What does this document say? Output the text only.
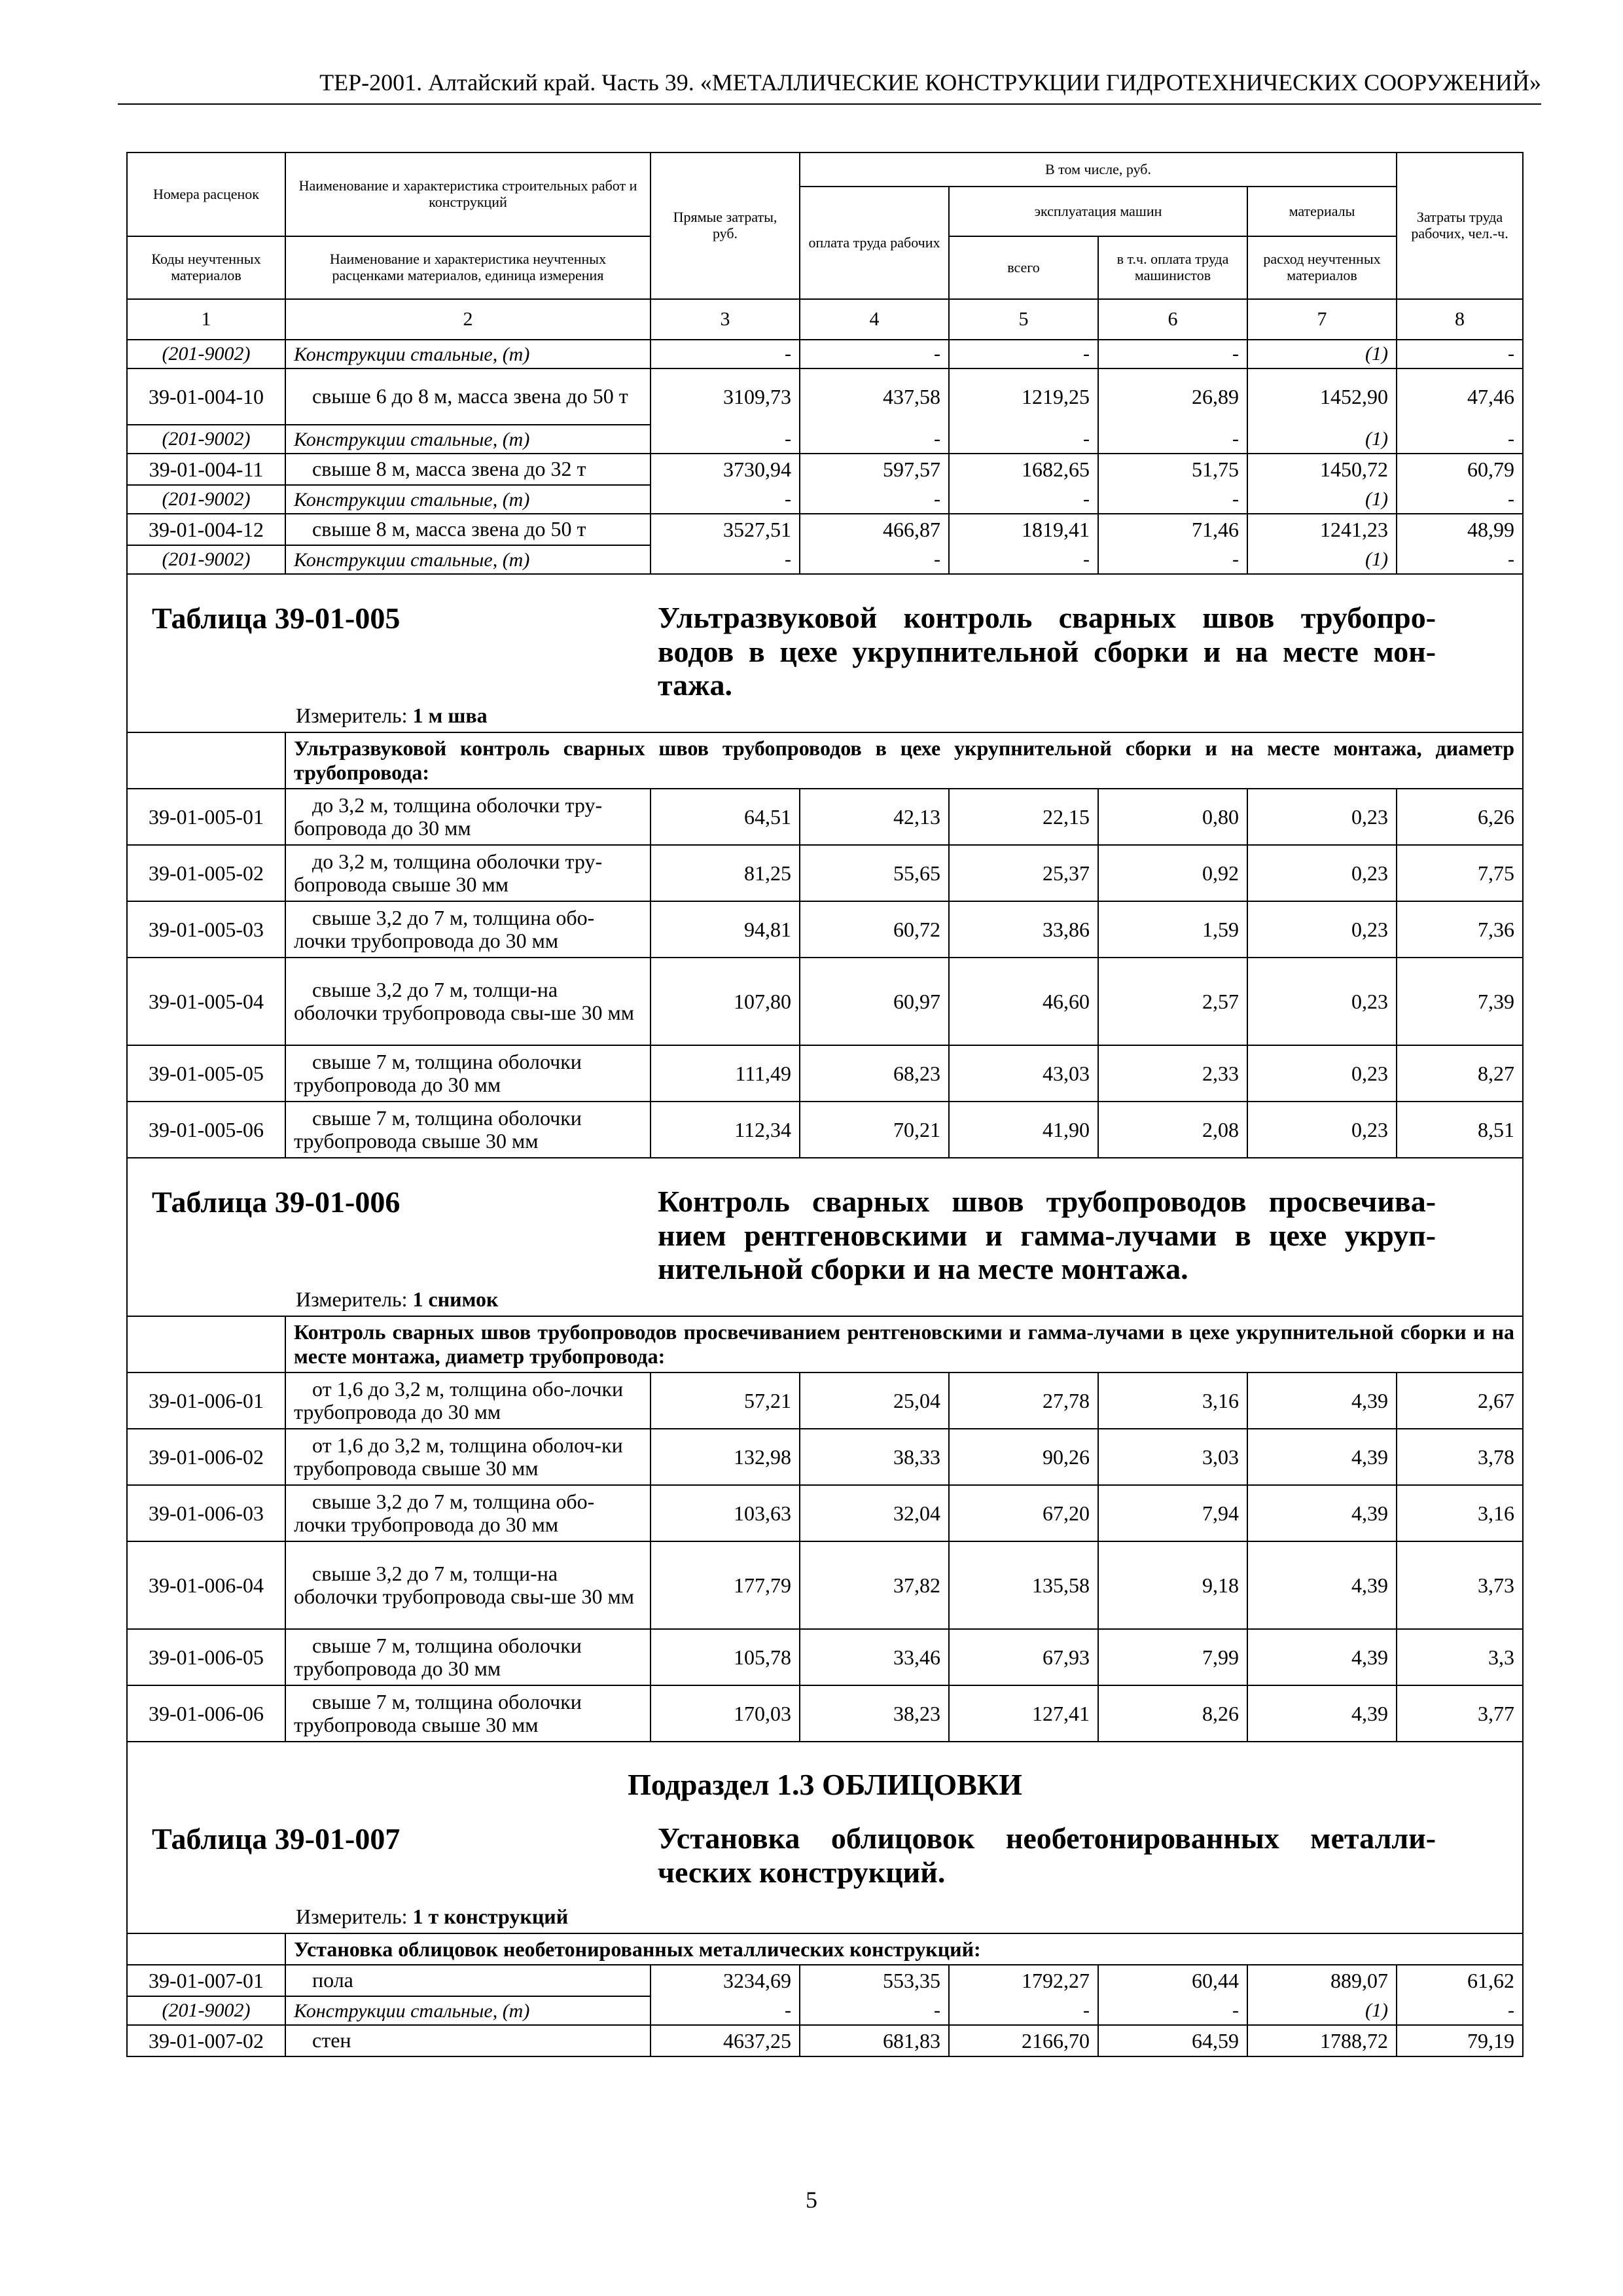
ТЕР-2001. Алтайский край. Часть 39. «МЕТАЛЛИЧЕСКИЕ КОНСТРУКЦИИ ГИДРОТЕХНИЧЕСКИХ СООРУЖЕНИЙ»
Номера расценок	Наименование и характеристика строительных работ и конструкций	Прямые затраты, руб.	В том числе, руб.				Затраты труда рабочих, чел.-ч.
			оплата труда рабочих	эксплуатация машин		материалы	
Коды неучтенных материалов	Наименование и характеристика неучтенных расценками материалов, единица измерения			всего	в т.ч. оплата труда машинистов	расход неучтенных материалов	
1	2	3	4	5	6	7	8
(201-9002)	Конструкции стальные, (т)	-	-	-	-	(1)	-
39-01-004-10	свыше 6 до 8 м, масса звена до 50 т	3109,73	437,58	1219,25	26,89	1452,90	47,46
(201-9002)	Конструкции стальные, (т)	-	-	-	-	(1)	-
39-01-004-11	свыше 8 м, масса звена до 32 т	3730,94	597,57	1682,65	51,75	1450,72	60,79
(201-9002)	Конструкции стальные, (т)	-	-	-	-	(1)	-
39-01-004-12	свыше 8 м, масса звена до 50 т	3527,51	466,87	1819,41	71,46	1241,23	48,99
(201-9002)	Конструкции стальные, (т)	-	-	-	-	(1)	-

Таблица 39-01-005 Ультразвуковой контроль сварных швов трубопро-водов в цехе укрупнительной сборки и на месте мон-тажа.
Измеритель: 1 м шва							

	Ультразвуковой контроль сварных швов трубопроводов в цехе укрупнительной сборки и на месте монтажа, диаметр трубопровода:						
39-01-005-01	до 3,2 м, толщина оболочки тру-бопровода до 30 мм	64,51	42,13	22,15	0,80	0,23	6,26
39-01-005-02	до 3,2 м, толщина оболочки тру-бопровода свыше 30 мм	81,25	55,65	25,37	0,92	0,23	7,75
39-01-005-03	свыше 3,2 до 7 м, толщина обо-лочки трубопровода до 30 мм	94,81	60,72	33,86	1,59	0,23	7,36
39-01-005-04	свыше 3,2 до 7 м, толщи-на оболочки трубопровода свы-ше 30 мм	107,80	60,97	46,60	2,57	0,23	7,39
39-01-005-05	свыше 7 м, толщина оболочки трубопровода до 30 мм	111,49	68,23	43,03	2,33	0,23	8,27
39-01-005-06	свыше 7 м, толщина оболочки трубопровода свыше 30 мм	112,34	70,21	41,90	2,08	0,23	8,51

Таблица 39-01-006 Контроль сварных швов трубопроводов просвечива-нием рентгеновскими и гамма-лучами в цехе укруп-нительной сборки и на месте монтажа.
Измеритель: 1 снимок							

	Контроль сварных швов трубопроводов просвечиванием рентгеновскими и гамма-лучами в цехе укрупнительной сборки и на месте монтажа, диаметр трубопровода:						
39-01-006-01	от 1,6 до 3,2 м, толщина обо-лочки трубопровода до 30 мм	57,21	25,04	27,78	3,16	4,39	2,67
39-01-006-02	от 1,6 до 3,2 м, толщина оболоч-ки трубопровода свыше 30 мм	132,98	38,33	90,26	3,03	4,39	3,78
39-01-006-03	свыше 3,2 до 7 м, толщина обо-лочки трубопровода до 30 мм	103,63	32,04	67,20	7,94	4,39	3,16
39-01-006-04	свыше 3,2 до 7 м, толщи-на оболочки трубопровода свы-ше 30 мм	177,79	37,82	135,58	9,18	4,39	3,73
39-01-006-05	свыше 7 м, толщина оболочки трубопровода до 30 мм	105,78	33,46	67,93	7,99	4,39	3,3
39-01-006-06	свыше 7 м, толщина оболочки трубопровода свыше 30 мм	170,03	38,23	127,41	8,26	4,39	3,77

Подраздел 1.3 ОБЛИЦОВКИ
Таблица 39-01-007 Установка облицовок необетонированных металли-ческих конструкций.
Измеритель: 1 т конструкций							

	Установка облицовок необетонированных металлических конструкций:						
39-01-007-01	пола	3234,69	553,35	1792,27	60,44	889,07	61,62
(201-9002)	Конструкции стальные, (т)	-	-	-	-	(1)	-
39-01-007-02	стен	4637,25	681,83	2166,70	64,59	1788,72	79,19
5
